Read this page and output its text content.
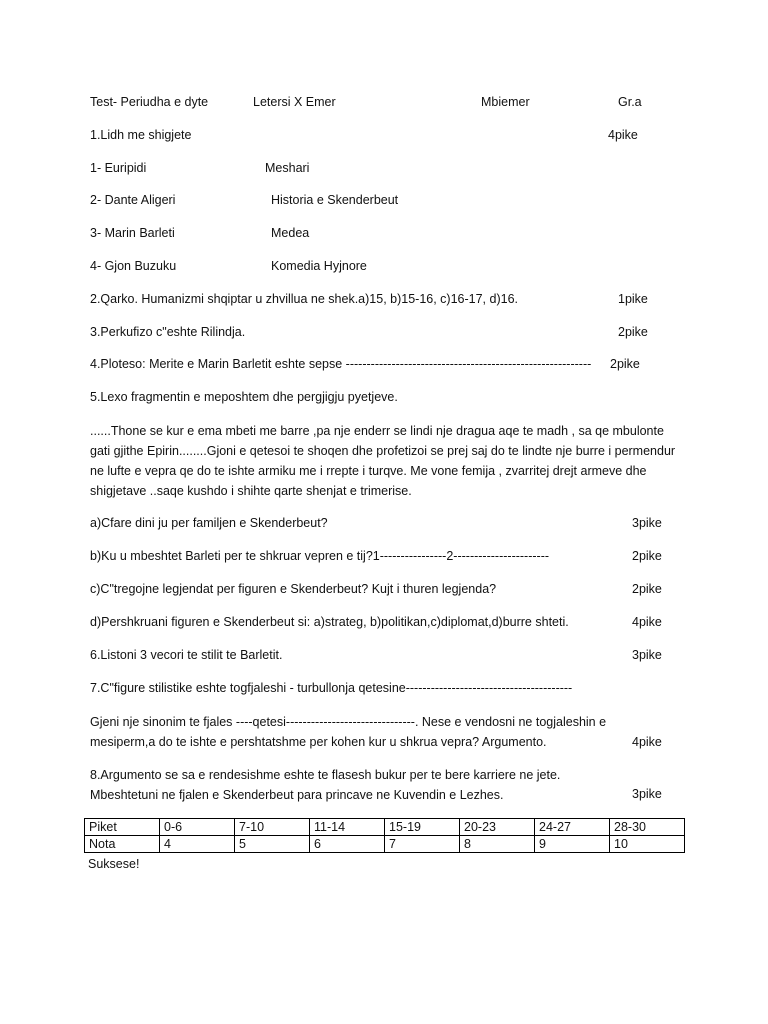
Test- Periudha e dyte	Letersi X Emer	Mbiemer	Gr.a
1.Lidh me shigjete	4pike
1- Euripidi	Meshari
2- Dante Aligeri	Historia e Skenderbeut
3- Marin Barleti	Medea
4- Gjon Buzuku	Komedia Hyjnore
2.Qarko. Humanizmi shqiptar u zhvillua ne shek.a)15, b)15-16, c)16-17, d)16.	1pike
3.Perkufizo c"eshte Rilindja.	2pike
4.Ploteso: Merite e Marin Barletit eshte sepse ----------------------------------------------------------- 2pike
5.Lexo fragmentin e meposhtem dhe pergjigju pyetjeve.
......Thone se kur e ema mbeti me barre ,pa nje enderr se lindi nje dragua aqe te madh , sa qe mbulonte gati gjithe Epirin........Gjoni e qetesoi te shoqen dhe profetizoi se prej saj do te lindte nje burre i permendur ne lufte e vepra qe do te ishte armiku me i rrepte i turqve. Me vone femija , zvarritej drejt armeve dhe shigjetave ..saqe kushdo i shihte qarte shenjat e trimerise.
a)Cfare dini ju per familjen e Skenderbeut?	3pike
b)Ku u mbeshtet Barleti per te shkruar vepren e tij?1----------------2-----------------------	2pike
c)C"tregojne legjendat per figuren e Skenderbeut? Kujt i thuren legjenda?	2pike
d)Pershkruani figuren e Skenderbeut si: a)strateg, b)politikan,c)diplomat,d)burre shteti.	4pike
6.Listoni 3 vecori te stilit te Barletit.	3pike
7.C"figure stilistike eshte togfjaleshi - turbullonja qetesine----------------------------------------
Gjeni nje sinonim te fjales ----qetesi-------------------------------. Nese e vendosni ne togjaleshin e mesiperm,a do te ishte e pershtatshme per kohen kur u shkrua vepra? Argumento.	4pike
8.Argumento se sa e rendesishme eshte te flasesh bukur per te bere karriere ne jete. Mbeshtetuni ne fjalen e Skenderbeut para princave ne Kuvendin e Lezhes.	3pike
Piket	0-6	7-10	11-14	15-19	20-23	24-27	28-30
Nota	4	5	6	7	8	9	10
Suksese!
